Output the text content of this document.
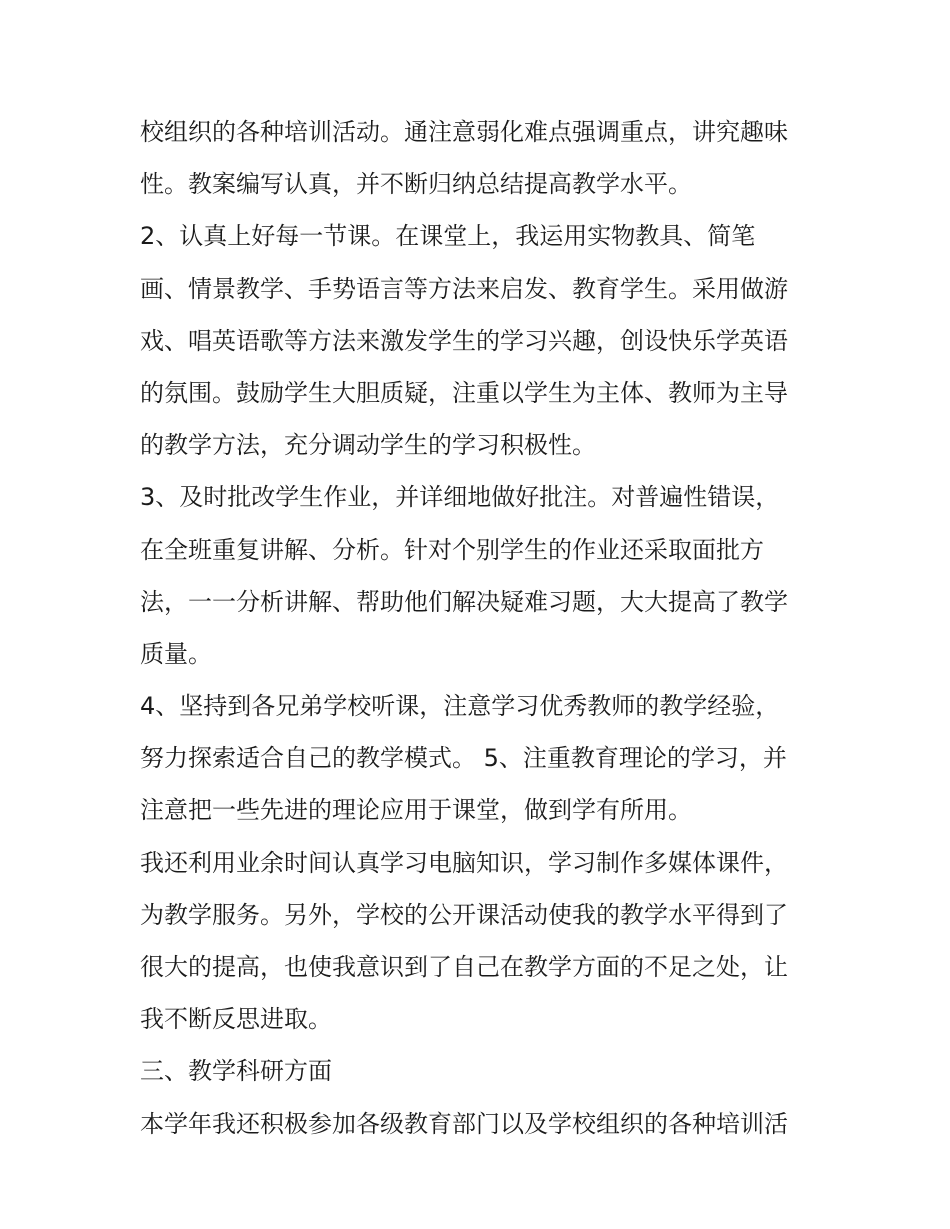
校组织的各种培训活动。通注意弱化难点强调重点，讲究趣味
性。教案编写认真，并不断归纳总结提高教学水平。
2、认真上好每一节课。在课堂上，我运用实物教具、简笔
画、情景教学、手势语言等方法来启发、教育学生。采用做游
戏、唱英语歌等方法来激发学生的学习兴趣，创设快乐学英语
的氛围。鼓励学生大胆质疑，注重以学生为主体、教师为主导
的教学方法，充分调动学生的学习积极性。
3、及时批改学生作业，并详细地做好批注。对普遍性错误，
在全班重复讲解、分析。针对个别学生的作业还采取面批方
法，一一分析讲解、帮助他们解决疑难习题，大大提高了教学
质量。
4、坚持到各兄弟学校听课，注意学习优秀教师的教学经验，
努力探索适合自己的教学模式。 5、注重教育理论的学习，并
注意把一些先进的理论应用于课堂，做到学有所用。
我还利用业余时间认真学习电脑知识，学习制作多媒体课件，
为教学服务。另外，学校的公开课活动使我的教学水平得到了
很大的提高，也使我意识到了自己在教学方面的不足之处，让
我不断反思进取。
三、教学科研方面
本学年我还积极参加各级教育部门以及学校组织的各种培训活
